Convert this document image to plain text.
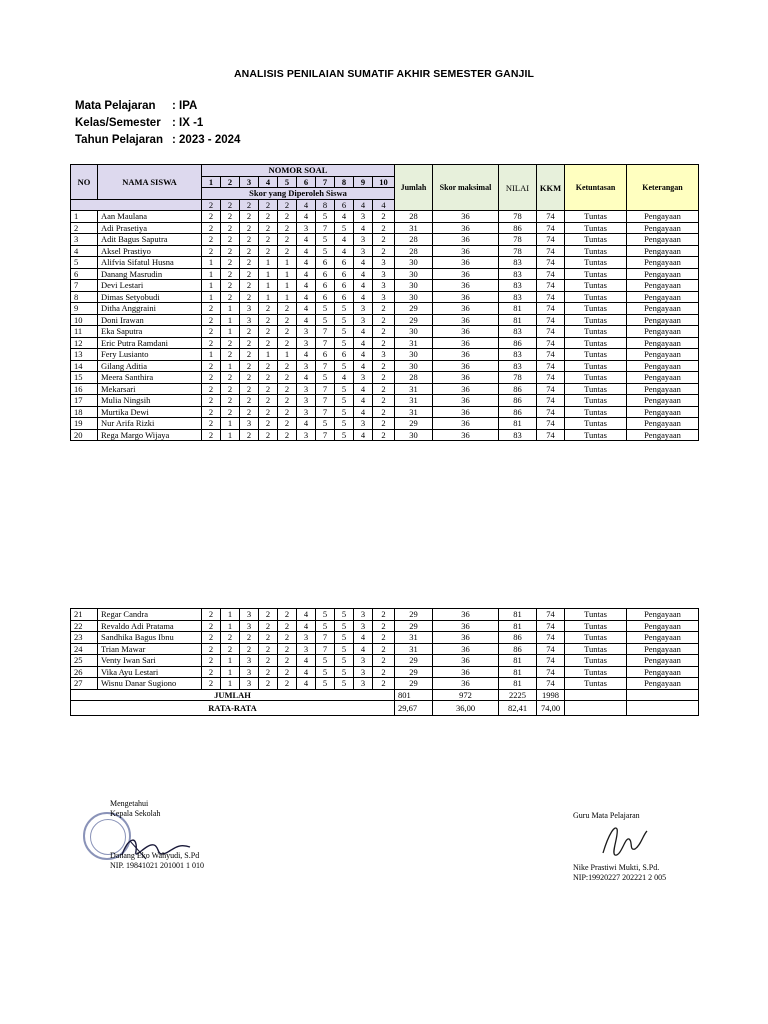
ANALISIS PENILAIAN SUMATIF AKHIR SEMESTER GANJIL
Mata Pelajaran : IPA
Kelas/Semester : IX -1
Tahun Pelajaran : 2023 - 2024
NO	NAMA SISWA	NOMOR SOAL										Jumlah	Skor maksimal	NILAI	KKM	Ketuntasan	Keterangan
		1	2	3	4	5	6	7	8	9	10						
		Skor yang Diperoleh Siswa															
		2	2	2	2	2	4	8	6	4	4						
1	Aan Maulana	2	2	2	2	2	4	5	4	3	2	28	36	78	74	Tuntas	Pengayaan
2	Adi Prasetiya	2	2	2	2	2	3	7	5	4	2	31	36	86	74	Tuntas	Pengayaan
3	Adit Bagus Saputra	2	2	2	2	2	4	5	4	3	2	28	36	78	74	Tuntas	Pengayaan
4	Aksel Prastiyo	2	2	2	2	2	4	5	4	3	2	28	36	78	74	Tuntas	Pengayaan
5	Alifvia Sifatul Husna	1	2	2	1	1	4	6	6	4	3	30	36	83	74	Tuntas	Pengayaan
6	Danang Masrudin	1	2	2	1	1	4	6	6	4	3	30	36	83	74	Tuntas	Pengayaan
7	Devi Lestari	1	2	2	1	1	4	6	6	4	3	30	36	83	74	Tuntas	Pengayaan
8	Dimas Setyobudi	1	2	2	1	1	4	6	6	4	3	30	36	83	74	Tuntas	Pengayaan
9	Ditha Anggraini	2	1	3	2	2	4	5	5	3	2	29	36	81	74	Tuntas	Pengayaan
10	Doni Irawan	2	1	3	2	2	4	5	5	3	2	29	36	81	74	Tuntas	Pengayaan
11	Eka Saputra	2	1	2	2	2	3	7	5	4	2	30	36	83	74	Tuntas	Pengayaan
12	Eric Putra Ramdani	2	2	2	2	2	3	7	5	4	2	31	36	86	74	Tuntas	Pengayaan
13	Fery Lusianto	1	2	2	1	1	4	6	6	4	3	30	36	83	74	Tuntas	Pengayaan
14	Gilang Aditia	2	1	2	2	2	3	7	5	4	2	30	36	83	74	Tuntas	Pengayaan
15	Meera Santhira	2	2	2	2	2	4	5	4	3	2	28	36	78	74	Tuntas	Pengayaan
16	Mekarsari	2	2	2	2	2	3	7	5	4	2	31	36	86	74	Tuntas	Pengayaan
17	Mulia Ningsih	2	2	2	2	2	3	7	5	4	2	31	36	86	74	Tuntas	Pengayaan
18	Murtika Dewi	2	2	2	2	2	3	7	5	4	2	31	36	86	74	Tuntas	Pengayaan
19	Nur Arifa Rizki	2	1	3	2	2	4	5	5	3	2	29	36	81	74	Tuntas	Pengayaan
20	Rega Margo Wijaya	2	1	2	2	2	3	7	5	4	2	30	36	83	74	Tuntas	Pengayaan
21	Regar Candra	2	1	3	2	2	4	5	5	3	2	29	36	81	74	Tuntas	Pengayaan
22	Revaldo Adi Pratama	2	1	3	2	2	4	5	5	3	2	29	36	81	74	Tuntas	Pengayaan
23	Sandhika Bagus Ibnu	2	2	2	2	2	3	7	5	4	2	31	36	86	74	Tuntas	Pengayaan
24	Trian Mawar	2	2	2	2	2	3	7	5	4	2	31	36	86	74	Tuntas	Pengayaan
25	Venty Iwan Sari	2	1	3	2	2	4	5	5	3	2	29	36	81	74	Tuntas	Pengayaan
26	Vika Ayu Lestari	2	1	3	2	2	4	5	5	3	2	29	36	81	74	Tuntas	Pengayaan
27	Wisnu Danar Sugiono	2	1	3	2	2	4	5	5	3	2	29	36	81	74	Tuntas	Pengayaan
JUMLAH												801	972	2225	1998		
RATA-RATA												29,67	36,00	82,41	74,00		
Mengetahui
Kepala Sekolah
Danang Eko Wahyudi, S.Pd
NIP. 19841021 201001 1 010
Guru Mata Pelajaran
Nike Prastiwi Mukti, S.Pd.
NIP:19920227 202221 2 005
